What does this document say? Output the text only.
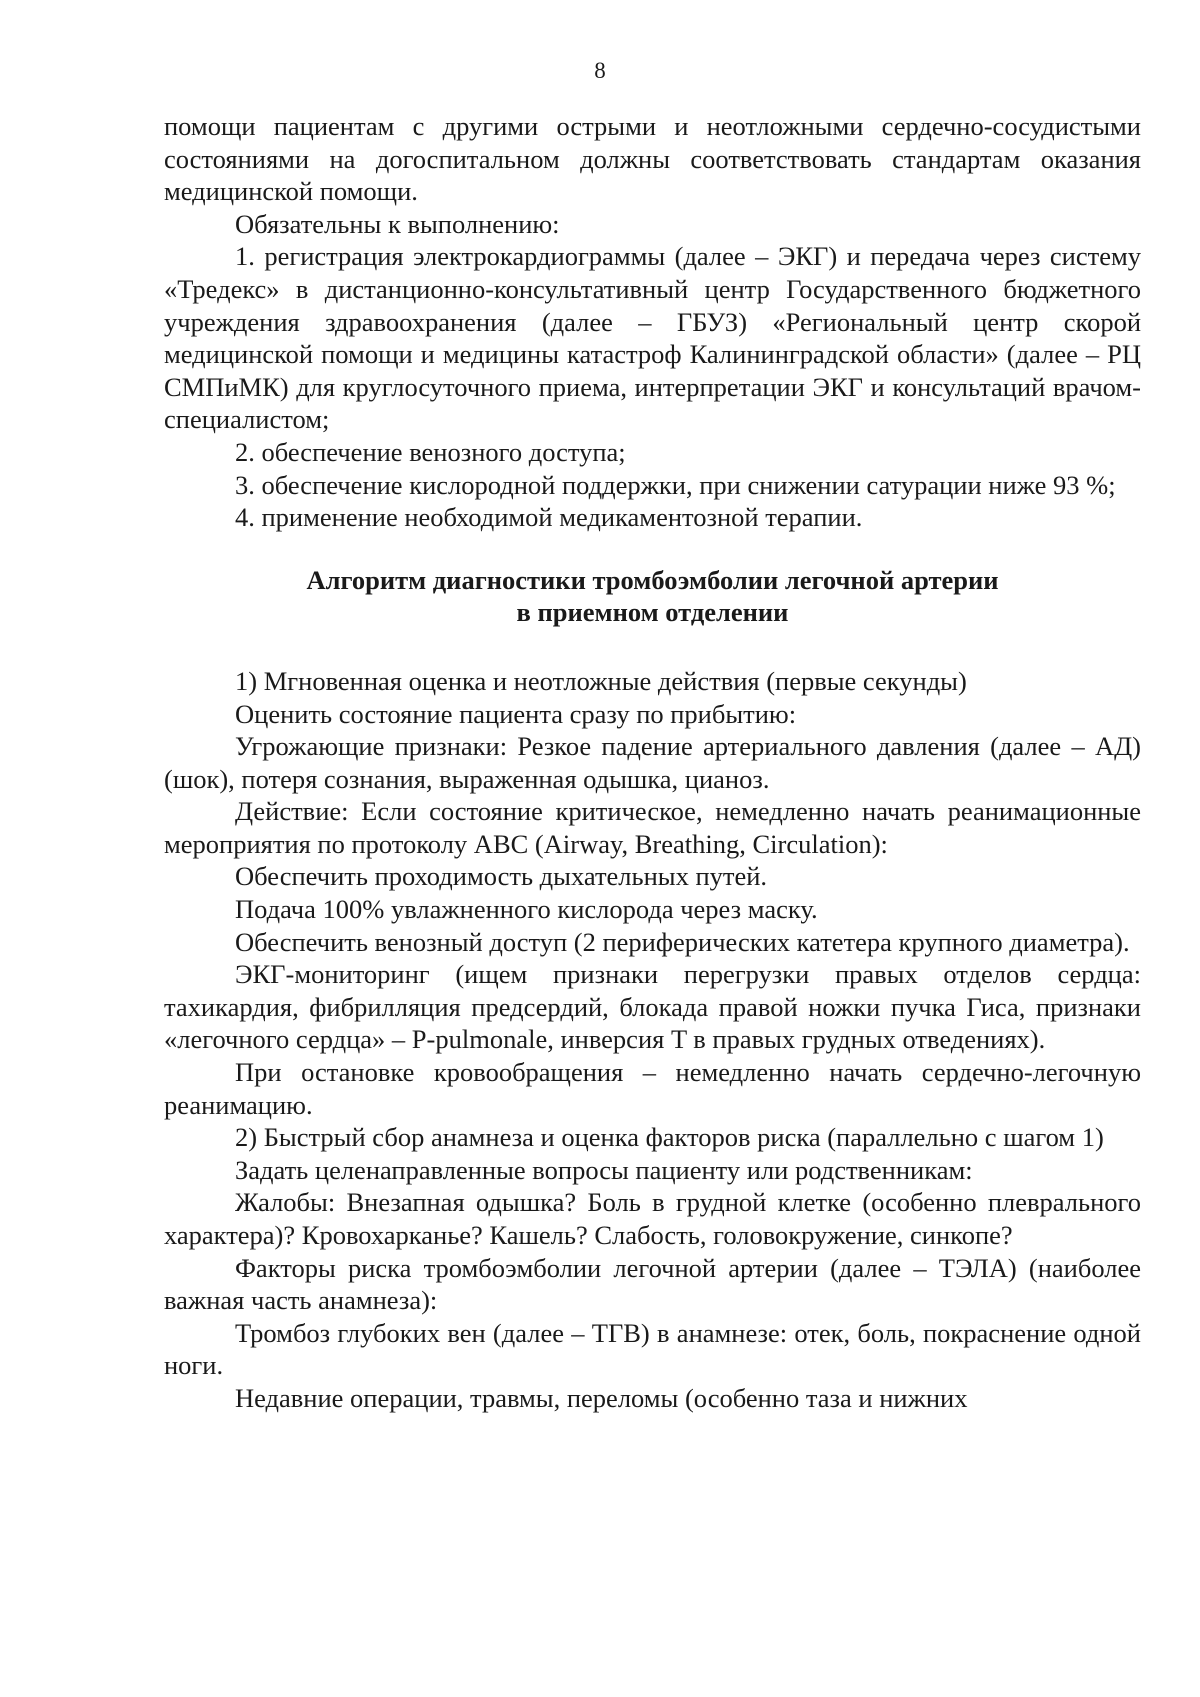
8

помощи пациентам с другими острыми и неотложными сердечно-сосудистыми состояниями на догоспитальном должны соответствовать стандартам оказания медицинской помощи.

Обязательны к выполнению:

1. регистрация электрокардиограммы (далее – ЭКГ) и передача через систему «Тредекс» в дистанционно-консультативный центр Государственного бюджетного учреждения здравоохранения (далее – ГБУЗ) «Региональный центр скорой медицинской помощи и медицины катастроф Калининградской области» (далее – РЦ СМПиМК) для круглосуточного приема, интерпретации ЭКГ и консультаций врачом-специалистом;

2. обеспечение венозного доступа;

3. обеспечение кислородной поддержки, при снижении сатурации ниже 93 %;

4. применение необходимой медикаментозной терапии.

Алгоритм диагностики тромбоэмболии легочной артерии
в приемном отделении

1) Мгновенная оценка и неотложные действия (первые секунды)

Оценить состояние пациента сразу по прибытию:

Угрожающие признаки: Резкое падение артериального давления (далее – АД) (шок), потеря сознания, выраженная одышка, цианоз.

Действие: Если состояние критическое, немедленно начать реанимационные мероприятия по протоколу ABC (Airway, Breathing, Circulation):

Обеспечить проходимость дыхательных путей.

Подача 100% увлажненного кислорода через маску.

Обеспечить венозный доступ (2 периферических катетера крупного диаметра).

ЭКГ-мониторинг (ищем признаки перегрузки правых отделов сердца: тахикардия, фибрилляция предсердий, блокада правой ножки пучка Гиса, признаки «легочного сердца» – P-pulmonale, инверсия T в правых грудных отведениях).

При остановке кровообращения – немедленно начать сердечно-легочную реанимацию.

2) Быстрый сбор анамнеза и оценка факторов риска (параллельно с шагом 1)

Задать целенаправленные вопросы пациенту или родственникам:

Жалобы: Внезапная одышка? Боль в грудной клетке (особенно плеврального характера)? Кровохарканье? Кашель? Слабость, головокружение, синкопе?

Факторы риска тромбоэмболии легочной артерии (далее – ТЭЛА) (наиболее важная часть анамнеза):

Тромбоз глубоких вен (далее – ТГВ) в анамнезе: отек, боль, покраснение одной ноги.

Недавние операции, травмы, переломы (особенно таза и нижних
